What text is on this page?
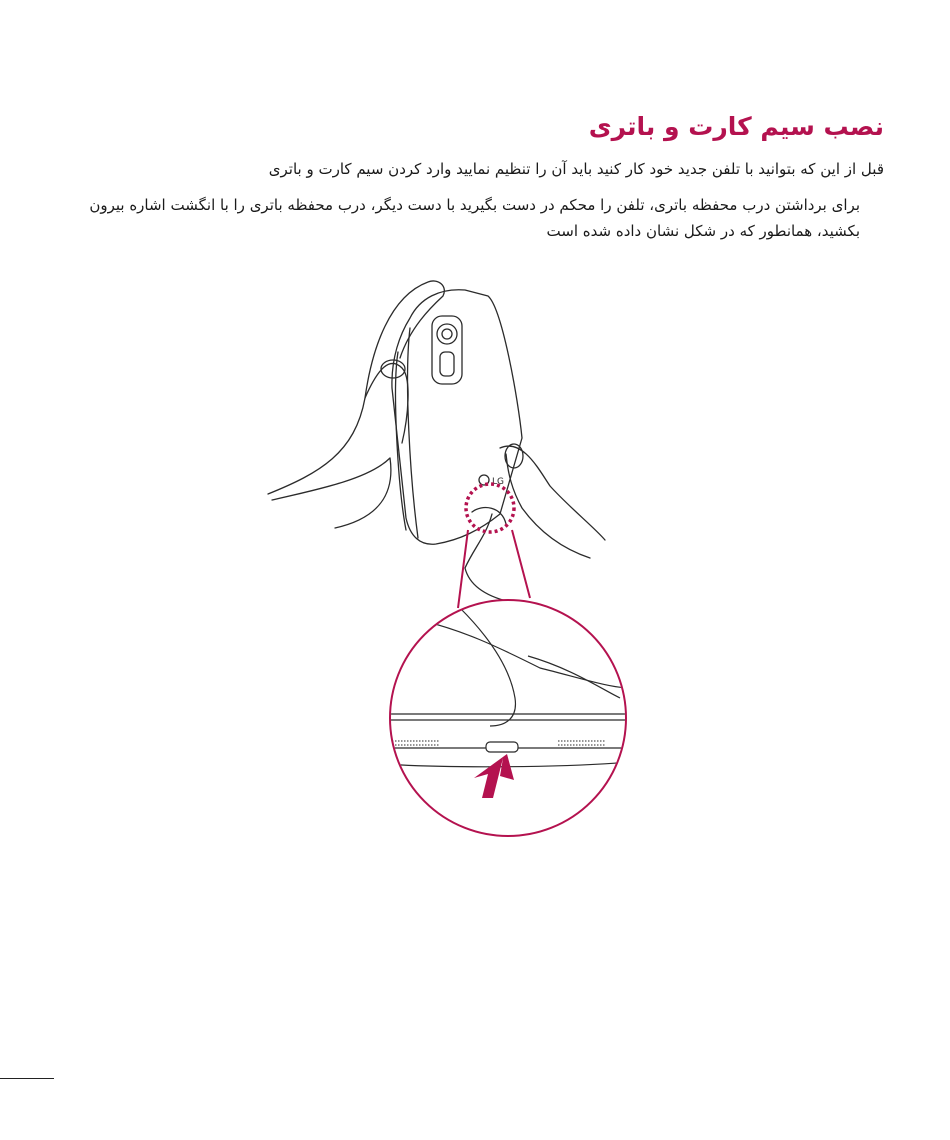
نصب سیم کارت و باتری

قبل از این که بتوانید با تلفن جدید خود کار کنید باید آن را تنظیم نمایید وارد کردن سیم کارت و باتری

برای برداشتن درب محفظه باتری، تلفن را محکم در دست بگیرید با دست دیگر، درب محفظه باتری را با انگشت اشاره بیرون بکشید، همانطور که در شکل نشان داده شده است

LG
